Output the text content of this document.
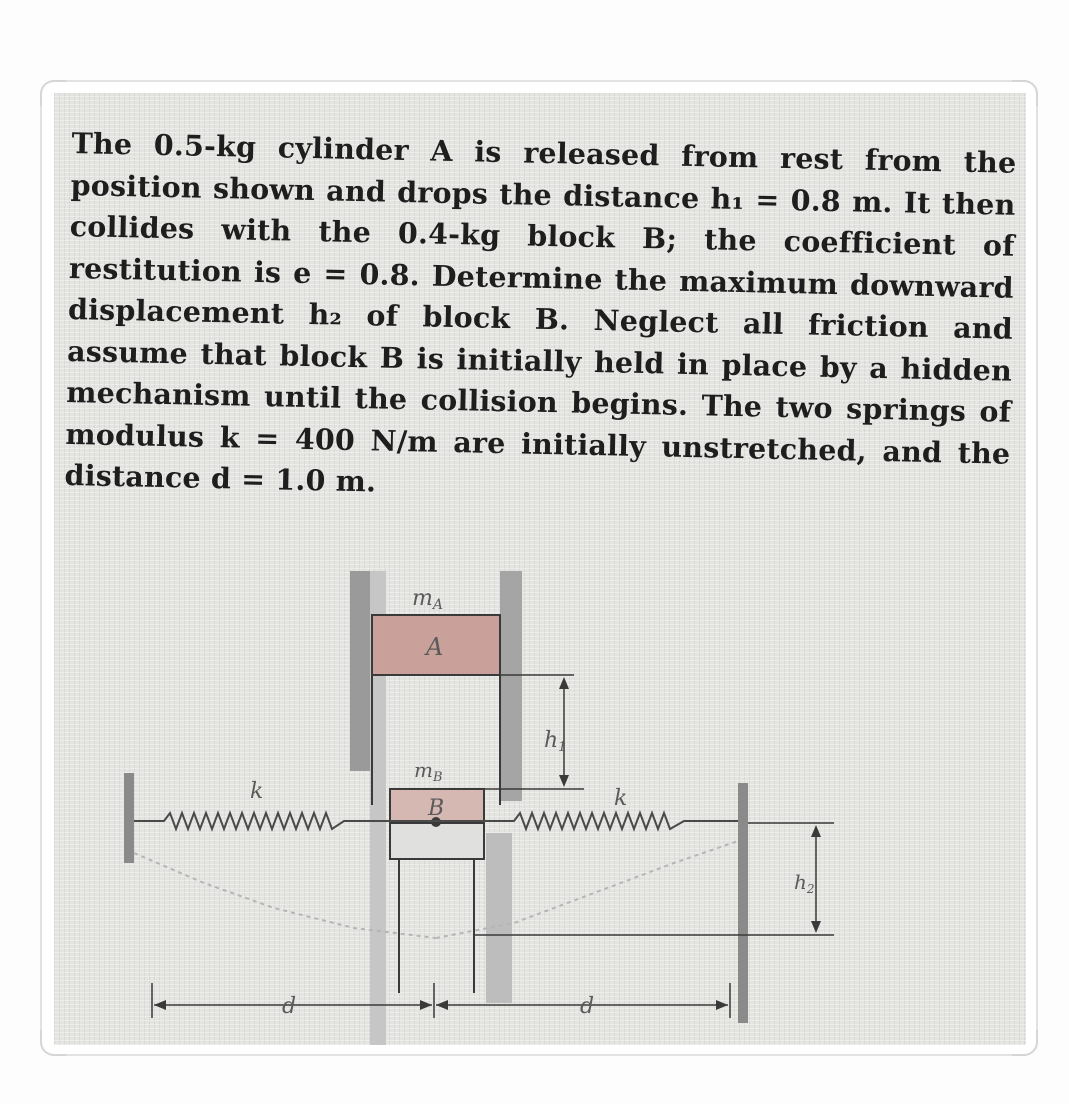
The 0.5-kg cylinder A is released from rest from the position shown and drops the distance h₁ = 0.8 m. It then collides with the 0.4-kg block B; the coefficient of restitution is e = 0.8. Determine the maximum downward displacement h₂ of block B. Neglect all friction and assume that block B is initially held in place by a hidden mechanism until the collision begins. The two springs of modulus k = 400 N/m are initially unstretched, and the distance d = 1.0 m.

mA
A
$m_B$
B
k	k
h1
$h_2$
d	d
